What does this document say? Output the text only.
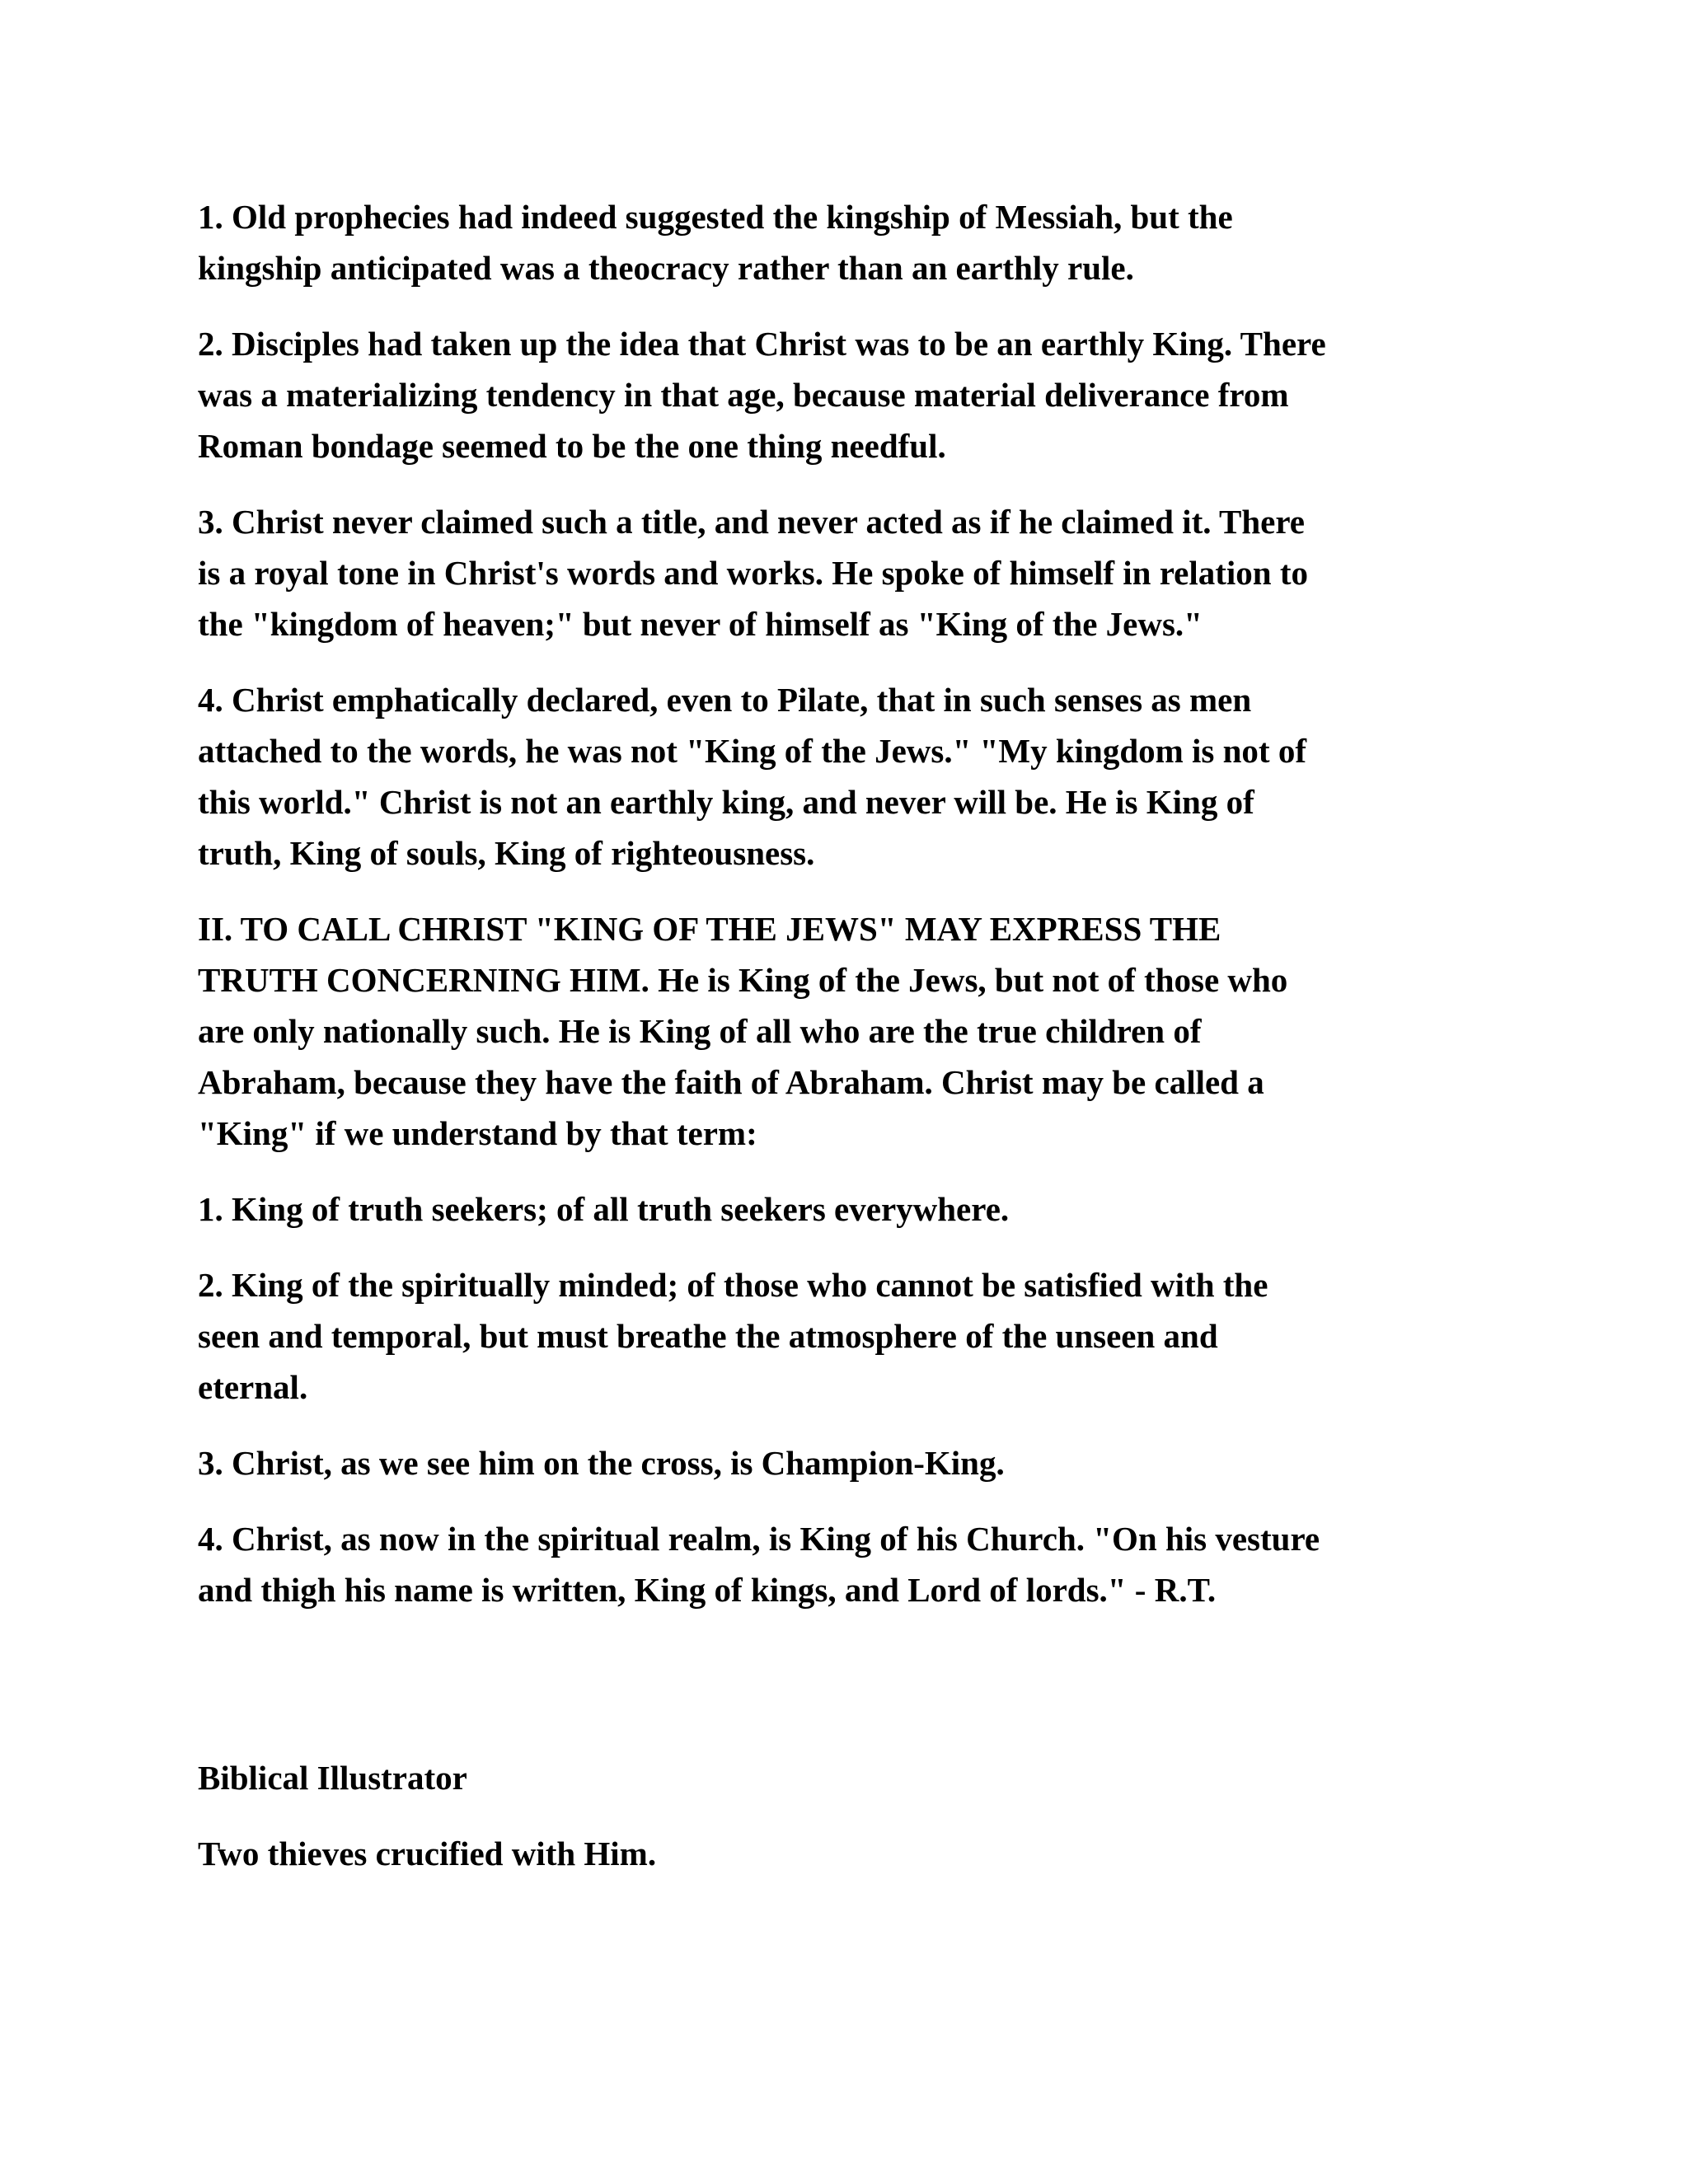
1. Old prophecies had indeed suggested the kingship of Messiah, but the
kingship anticipated was a theocracy rather than an earthly rule.

2. Disciples had taken up the idea that Christ was to be an earthly King. There
was a materializing tendency in that age, because material deliverance from
Roman bondage seemed to be the one thing needful.

3. Christ never claimed such a title, and never acted as if he claimed it. There
is a royal tone in Christ's words and works. He spoke of himself in relation to
the "kingdom of heaven;" but never of himself as "King of the Jews."

4. Christ emphatically declared, even to Pilate, that in such senses as men
attached to the words, he was not "King of the Jews." "My kingdom is not of
this world." Christ is not an earthly king, and never will be. He is King of
truth, King of souls, King of righteousness.

II. TO CALL CHRIST "KING OF THE JEWS" MAY EXPRESS THE
TRUTH CONCERNING HIM. He is King of the Jews, but not of those who
are only nationally such. He is King of all who are the true children of
Abraham, because they have the faith of Abraham. Christ may be called a
"King" if we understand by that term:

1. King of truth seekers; of all truth seekers everywhere.

2. King of the spiritually minded; of those who cannot be satisfied with the
seen and temporal, but must breathe the atmosphere of the unseen and
eternal.

3. Christ, as we see him on the cross, is Champion-King.

4. Christ, as now in the spiritual realm, is King of his Church. "On his vesture
and thigh his name is written, King of kings, and Lord of lords." - R.T.

Biblical Illustrator

Two thieves crucified with Him.
